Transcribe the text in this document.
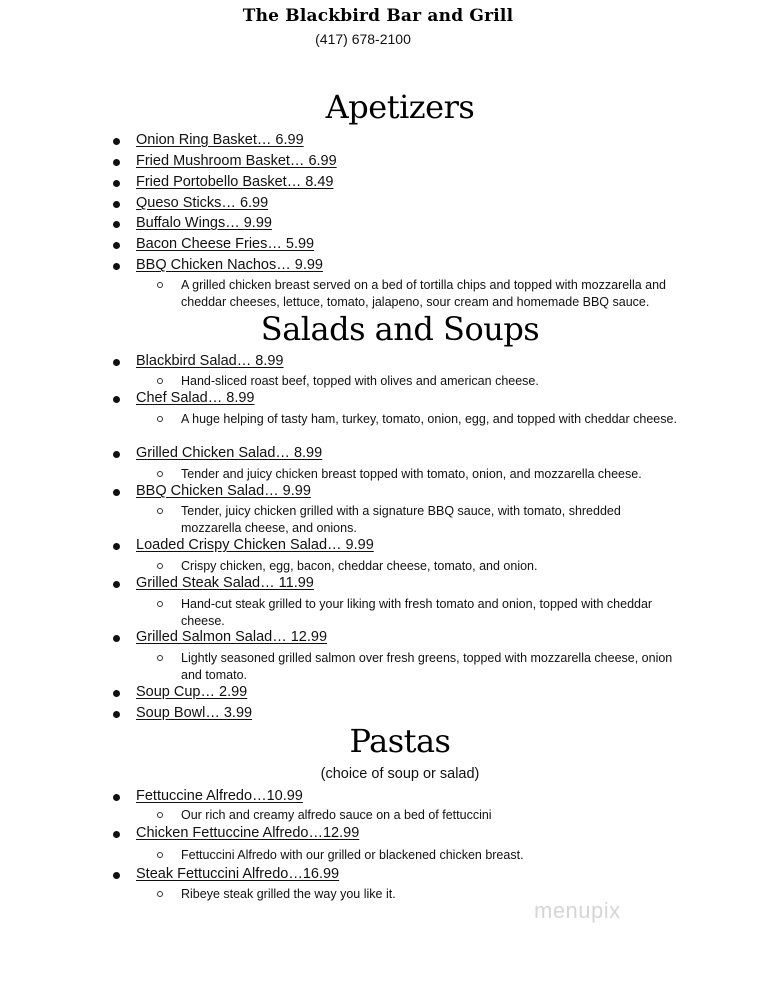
The Blackbird Bar and Grill
(417) 678-2100
Apetizers
Onion Ring Basket… 6.99
Fried Mushroom Basket… 6.99
Fried Portobello Basket… 8.49
Queso Sticks… 6.99
Buffalo Wings… 9.99
Bacon Cheese Fries… 5.99
BBQ Chicken Nachos… 9.99
A grilled chicken breast served on a bed of tortilla chips and topped with mozzarella and cheddar cheeses, lettuce, tomato, jalapeno, sour cream and homemade BBQ sauce.
Salads and Soups
Blackbird Salad… 8.99
Hand-sliced roast beef, topped with olives and american cheese.
Chef Salad… 8.99
A huge helping of tasty ham, turkey, tomato, onion, egg, and topped with cheddar cheese.
Grilled Chicken Salad… 8.99
Tender and juicy chicken breast topped with tomato, onion, and mozzarella cheese.
BBQ Chicken Salad… 9.99
Tender, juicy chicken grilled with a signature BBQ sauce, with tomato, shredded mozzarella cheese, and onions.
Loaded Crispy Chicken Salad… 9.99
Crispy chicken, egg, bacon, cheddar cheese, tomato, and onion.
Grilled Steak Salad… 11.99
Hand-cut steak grilled to your liking with fresh tomato and onion, topped with cheddar cheese.
Grilled Salmon Salad… 12.99
Lightly seasoned grilled salmon over fresh greens, topped with mozzarella cheese, onion and tomato.
Soup Cup… 2.99
Soup Bowl… 3.99
Pastas
(choice of soup or salad)
Fettuccine Alfredo…10.99
Our rich and creamy alfredo sauce on a bed of fettuccini
Chicken Fettuccine Alfredo…12.99
Fettuccini Alfredo with our grilled or blackened chicken breast.
Steak Fettuccini Alfredo…16.99
Ribeye steak grilled the way you like it.
menupix
